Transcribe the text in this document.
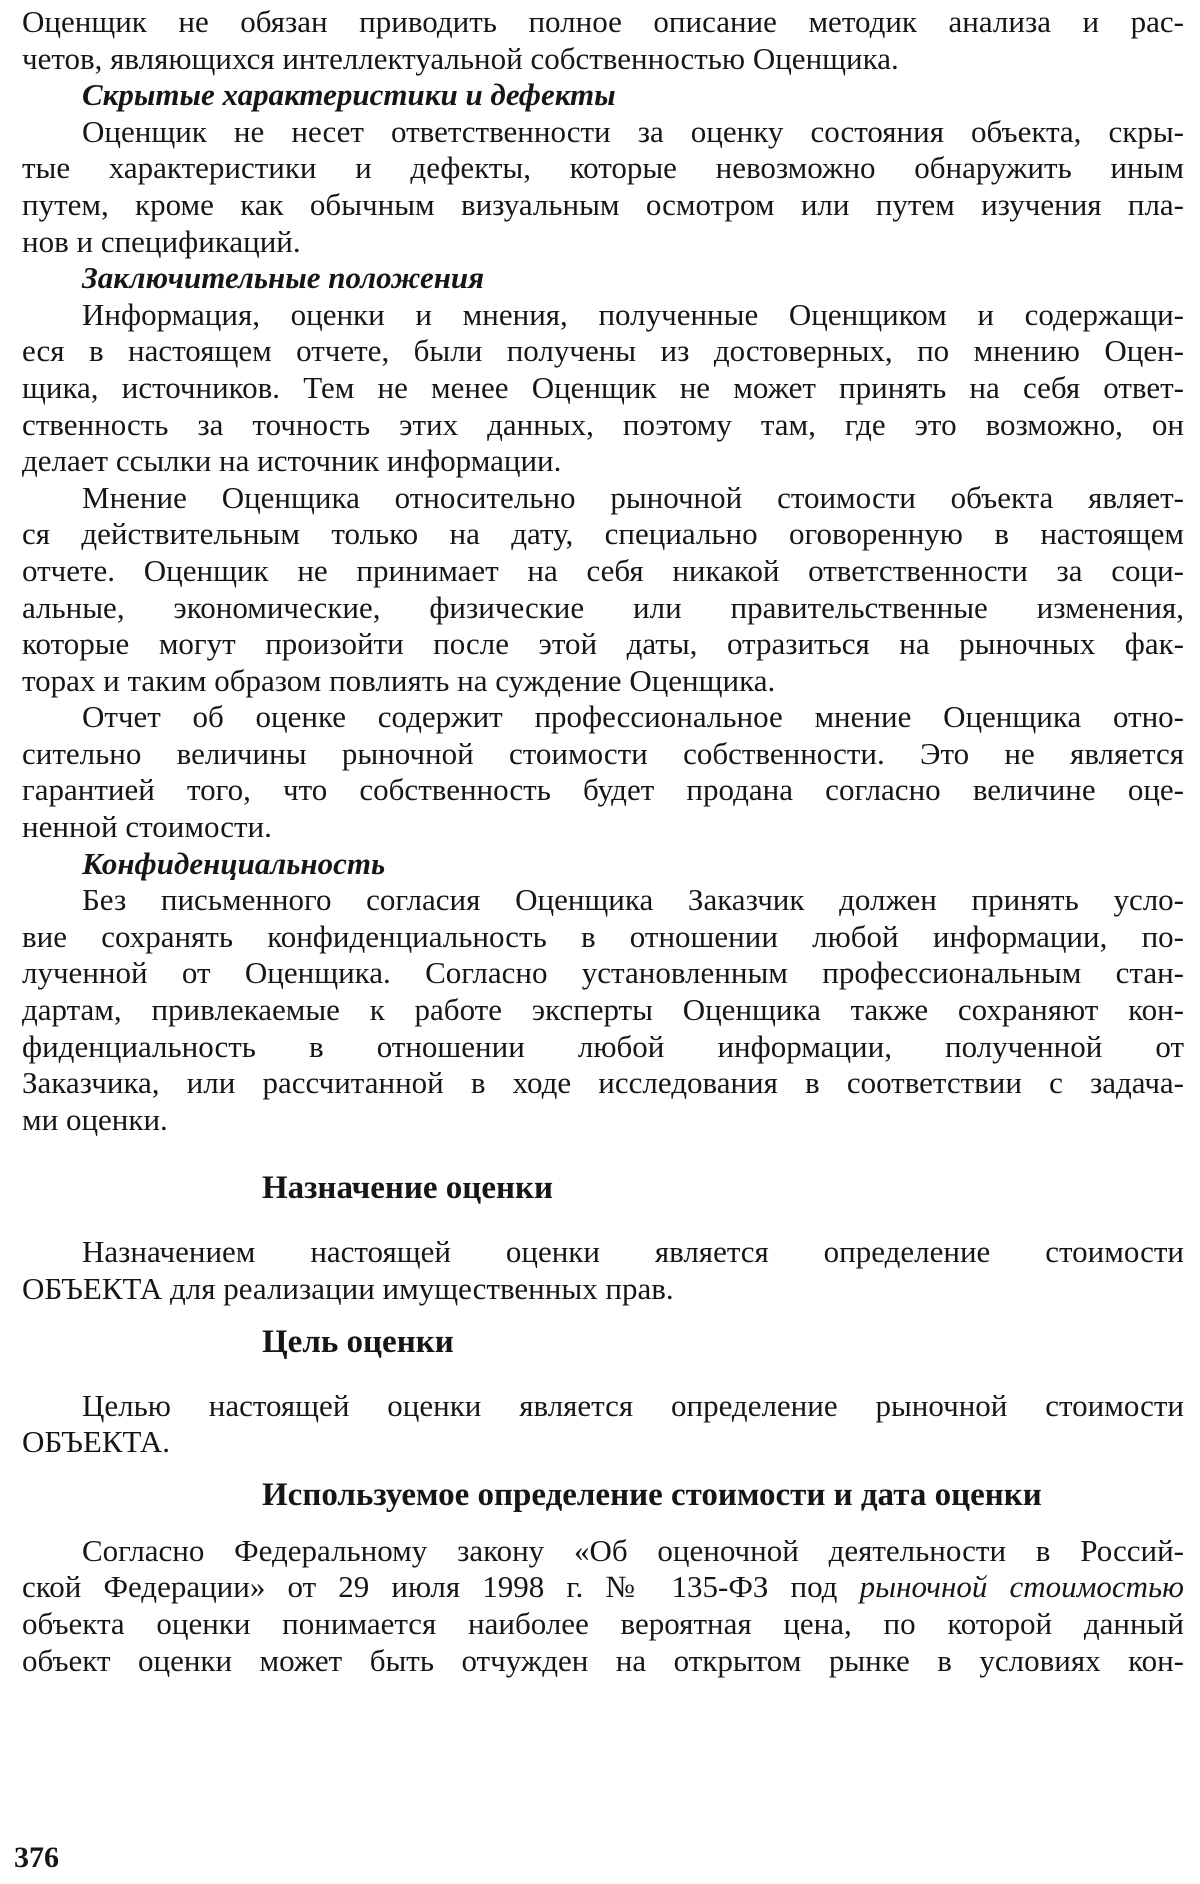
Оценщик не обязан приводить полное описание методик анализа и рас-
четов, являющихся интеллектуальной собственностью Оценщика.
Скрытые характеристики и дефекты
Оценщик не несет ответственности за оценку состояния объекта, скры-
тые характеристики и дефекты, которые невозможно обнаружить иным
путем, кроме как обычным визуальным осмотром или путем изучения пла-
нов и спецификаций.
Заключительные положения
Информация, оценки и мнения, полученные Оценщиком и содержащи-
еся в настоящем отчете, были получены из достоверных, по мнению Оцен-
щика, источников. Тем не менее Оценщик не может принять на себя ответ-
ственность за точность этих данных, поэтому там, где это возможно, он
делает ссылки на источник информации.
Мнение Оценщика относительно рыночной стоимости объекта являет-
ся действительным только на дату, специально оговоренную в настоящем
отчете. Оценщик не принимает на себя никакой ответственности за соци-
альные, экономические, физические или правительственные изменения,
которые могут произойти после этой даты, отразиться на рыночных фак-
торах и таким образом повлиять на суждение Оценщика.
Отчет об оценке содержит профессиональное мнение Оценщика отно-
сительно величины рыночной стоимости собственности. Это не является
гарантией того, что собственность будет продана согласно величине оце-
ненной стоимости.
Конфиденциальность
Без письменного согласия Оценщика Заказчик должен принять усло-
вие сохранять конфиденциальность в отношении любой информации, по-
лученной от Оценщика. Согласно установленным профессиональным стан-
дартам, привлекаемые к работе эксперты Оценщика также сохраняют кон-
фиденциальность в отношении любой информации, полученной от
Заказчика, или рассчитанной в ходе исследования в соответствии с задача-
ми оценки.
Назначение оценки
Назначением настоящей оценки является определение стоимости
ОБЪЕКТА для реализации имущественных прав.
Цель оценки
Целью настоящей оценки является определение рыночной стоимости
ОБЪЕКТА.
Используемое определение стоимости и дата оценки
Согласно Федеральному закону «Об оценочной деятельности в Россий-
ской Федерации» от 29 июля 1998 г. № 135-ФЗ под рыночной стоимостью
объекта оценки понимается наиболее вероятная цена, по которой данный
объект оценки может быть отчужден на открытом рынке в условиях кон-
376
